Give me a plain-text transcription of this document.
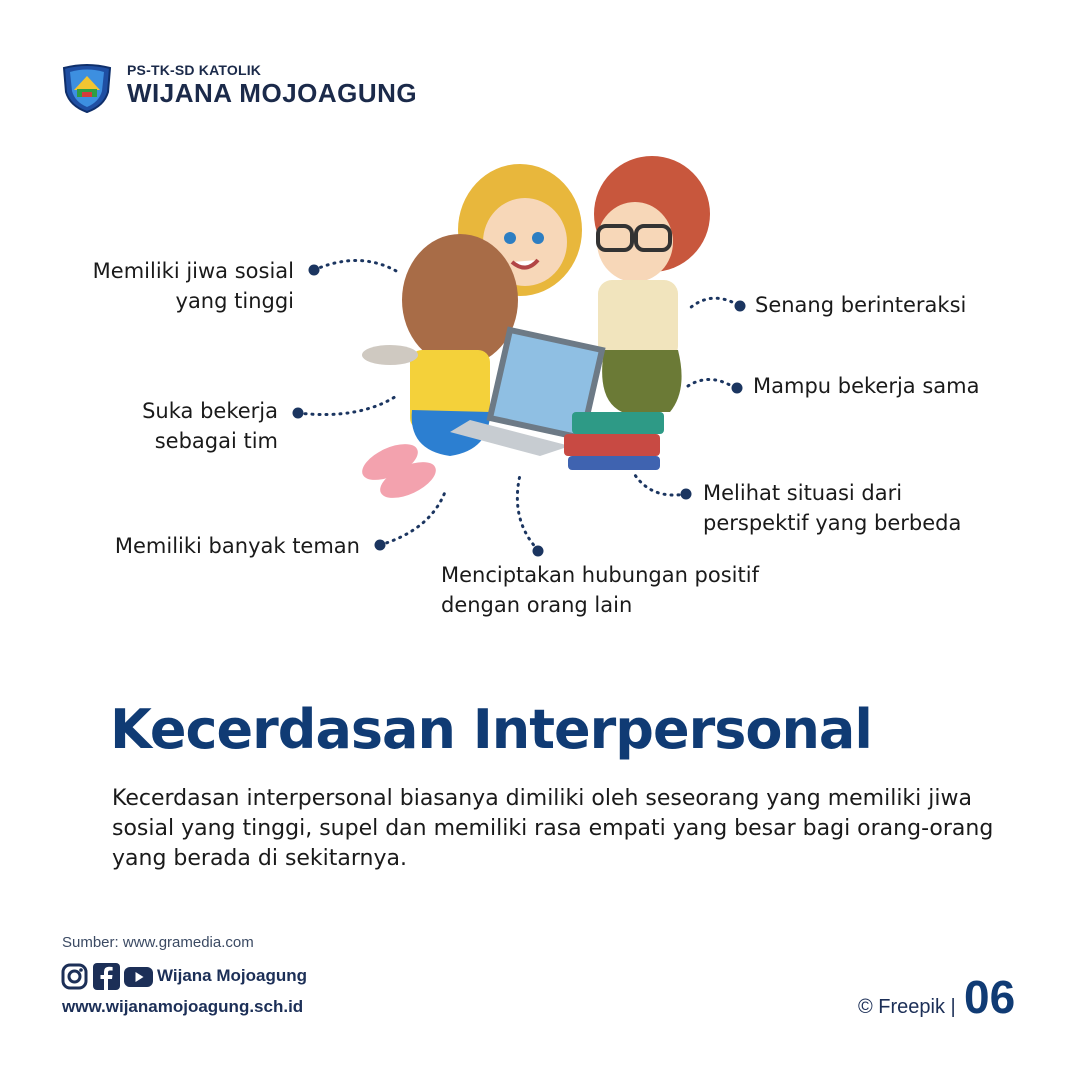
PS-TK-SD KATOLIK
WIJANA MOJOAGUNG
Memiliki jiwa sosial
yang tinggi
Suka bekerja
sebagai tim
Memiliki banyak teman
Senang berinteraksi
Mampu bekerja sama
Melihat situasi dari
perspektif yang berbeda
Menciptakan hubungan positif
dengan orang lain
Kecerdasan Interpersonal
Kecerdasan interpersonal biasanya dimiliki oleh seseorang yang memiliki jiwa sosial yang tinggi, supel dan memiliki rasa empati yang besar bagi orang-orang yang berada di sekitarnya.
Sumber: www.gramedia.com
Wijana Mojoagung
www.wijanamojoagung.sch.id	© Freepik | 06
